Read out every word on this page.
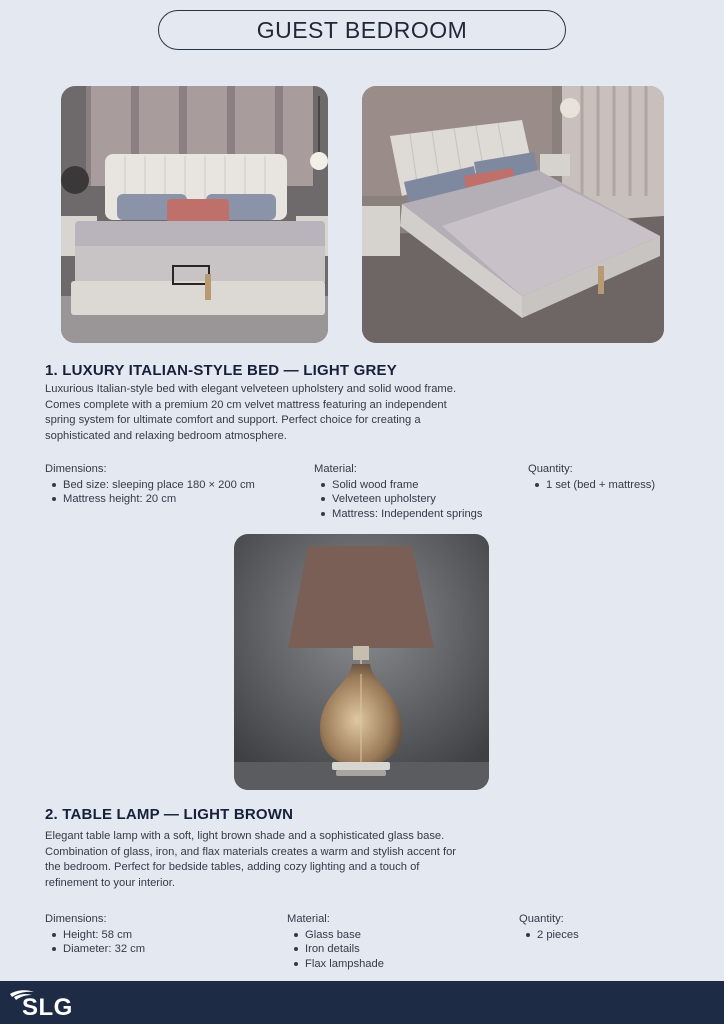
GUEST BEDROOM
1. LUXURY ITALIAN-STYLE BED — LIGHT GREY
Luxurious Italian-style bed with elegant velveteen upholstery and solid wood frame. Comes complete with a premium 20 cm velvet mattress featuring an independent spring system for ultimate comfort and support. Perfect choice for creating a sophisticated and relaxing bedroom atmosphere.
Dimensions:
Bed size: sleeping place 180 × 200 cm
Mattress height: 20 cm
Material:
Solid wood frame
Velveteen upholstery
Mattress: Independent springs
Quantity:
1 set (bed + mattress)
2. TABLE LAMP — LIGHT BROWN
Elegant table lamp with a soft, light brown shade and a sophisticated glass base. Combination of glass, iron, and flax materials creates a warm and stylish accent for the bedroom. Perfect for bedside tables, adding cozy lighting and a touch of refinement to your interior.
Dimensions:
Height: 58 cm
Diameter: 32 cm
Material:
Glass base
Iron details
Flax lampshade
Quantity:
2 pieces
SLG
